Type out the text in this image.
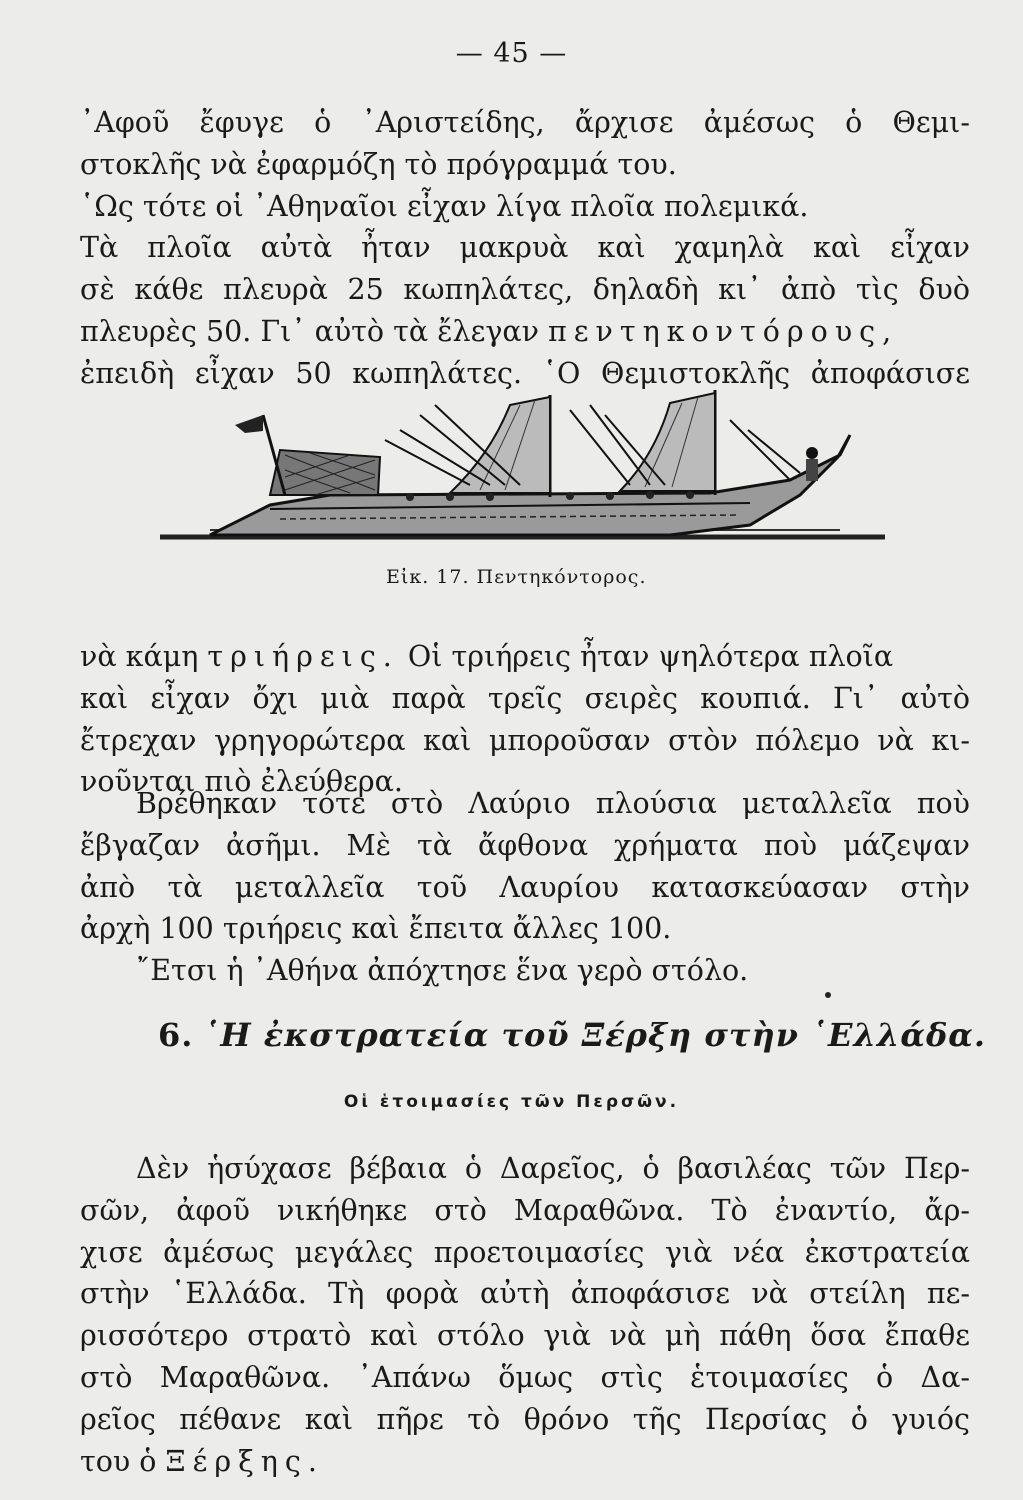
— 45 —
᾿Αφοῦ ἔφυγε ὁ ᾿Αριστείδης, ἄρχισε ἀμέσως ὁ Θεμι-
στοκλῆς νὰ ἐφαρμόζη τὸ πρόγραμμά του.
῾Ως τότε οἱ ᾿Αθηναῖοι εἶχαν λίγα πλοῖα πολεμικά.
Τὰ πλοῖα αὐτὰ ἦταν μακρυὰ καὶ χαμηλὰ καὶ εἶχαν
σὲ κάθε πλευρὰ 25 κωπηλάτες, δηλαδὴ κι᾿ ἀπὸ τὶς δυὸ
πλευρὲς 50. Γι᾿ αὐτὸ τὰ ἔλεγαν πεντηκοντόρους,
ἐπειδὴ εἶχαν 50 κωπηλάτες. ῾Ο Θεμιστοκλῆς ἀποφάσισε
Εἰκ. 17. Πεντηκόντορος.
νὰ κάμη τριήρεις. Οἱ τριήρεις ἦταν ψηλότερα πλοῖα
καὶ εἶχαν ὄχι μιὰ παρὰ τρεῖς σειρὲς κουπιά. Γι᾿ αὐτὸ
ἔτρεχαν γρηγορώτερα καὶ μποροῦσαν στὸν πόλεμο νὰ κι-
νοῦνται πιὸ ἐλεύθερα.
Βρέθηκαν τότε στὸ Λαύριο πλούσια μεταλλεῖα ποὺ
ἔβγαζαν ἀσῆμι. Μὲ τὰ ἄφθονα χρήματα ποὺ μάζεψαν
ἀπὸ τὰ μεταλλεῖα τοῦ Λαυρίου κατασκεύασαν στὴν
ἀρχὴ 100 τριήρεις καὶ ἔπειτα ἄλλες 100.
῎Ετσι ἡ ᾿Αθήνα ἀπόχτησε ἕνα γερὸ στόλο.
6. ῾Η ἐκστρατεία τοῦ Ξέρξη στὴν ῾Ελλάδα.
Οἱ ἑτοιμασίες τῶν Περσῶν.
Δὲν ἡσύχασε βέβαια ὁ Δαρεῖος, ὁ βασιλέας τῶν Περ-
σῶν, ἀφοῦ νικήθηκε στὸ Μαραθῶνα. Τὸ ἐναντίο, ἄρ-
χισε ἀμέσως μεγάλες προετοιμασίες γιὰ νέα ἐκστρατεία
στὴν ῾Ελλάδα. Τὴ φορὰ αὐτὴ ἀποφάσισε νὰ στείλη πε-
ρισσότερο στρατὸ καὶ στόλο γιὰ νὰ μὴ πάθη ὅσα ἔπαθε
στὸ Μαραθῶνα. ᾿Απάνω ὅμως στὶς ἑτοιμασίες ὁ Δα-
ρεῖος πέθανε καὶ πῆρε τὸ θρόνο τῆς Περσίας ὁ γυιός
του ὁ Ξέρξης.
